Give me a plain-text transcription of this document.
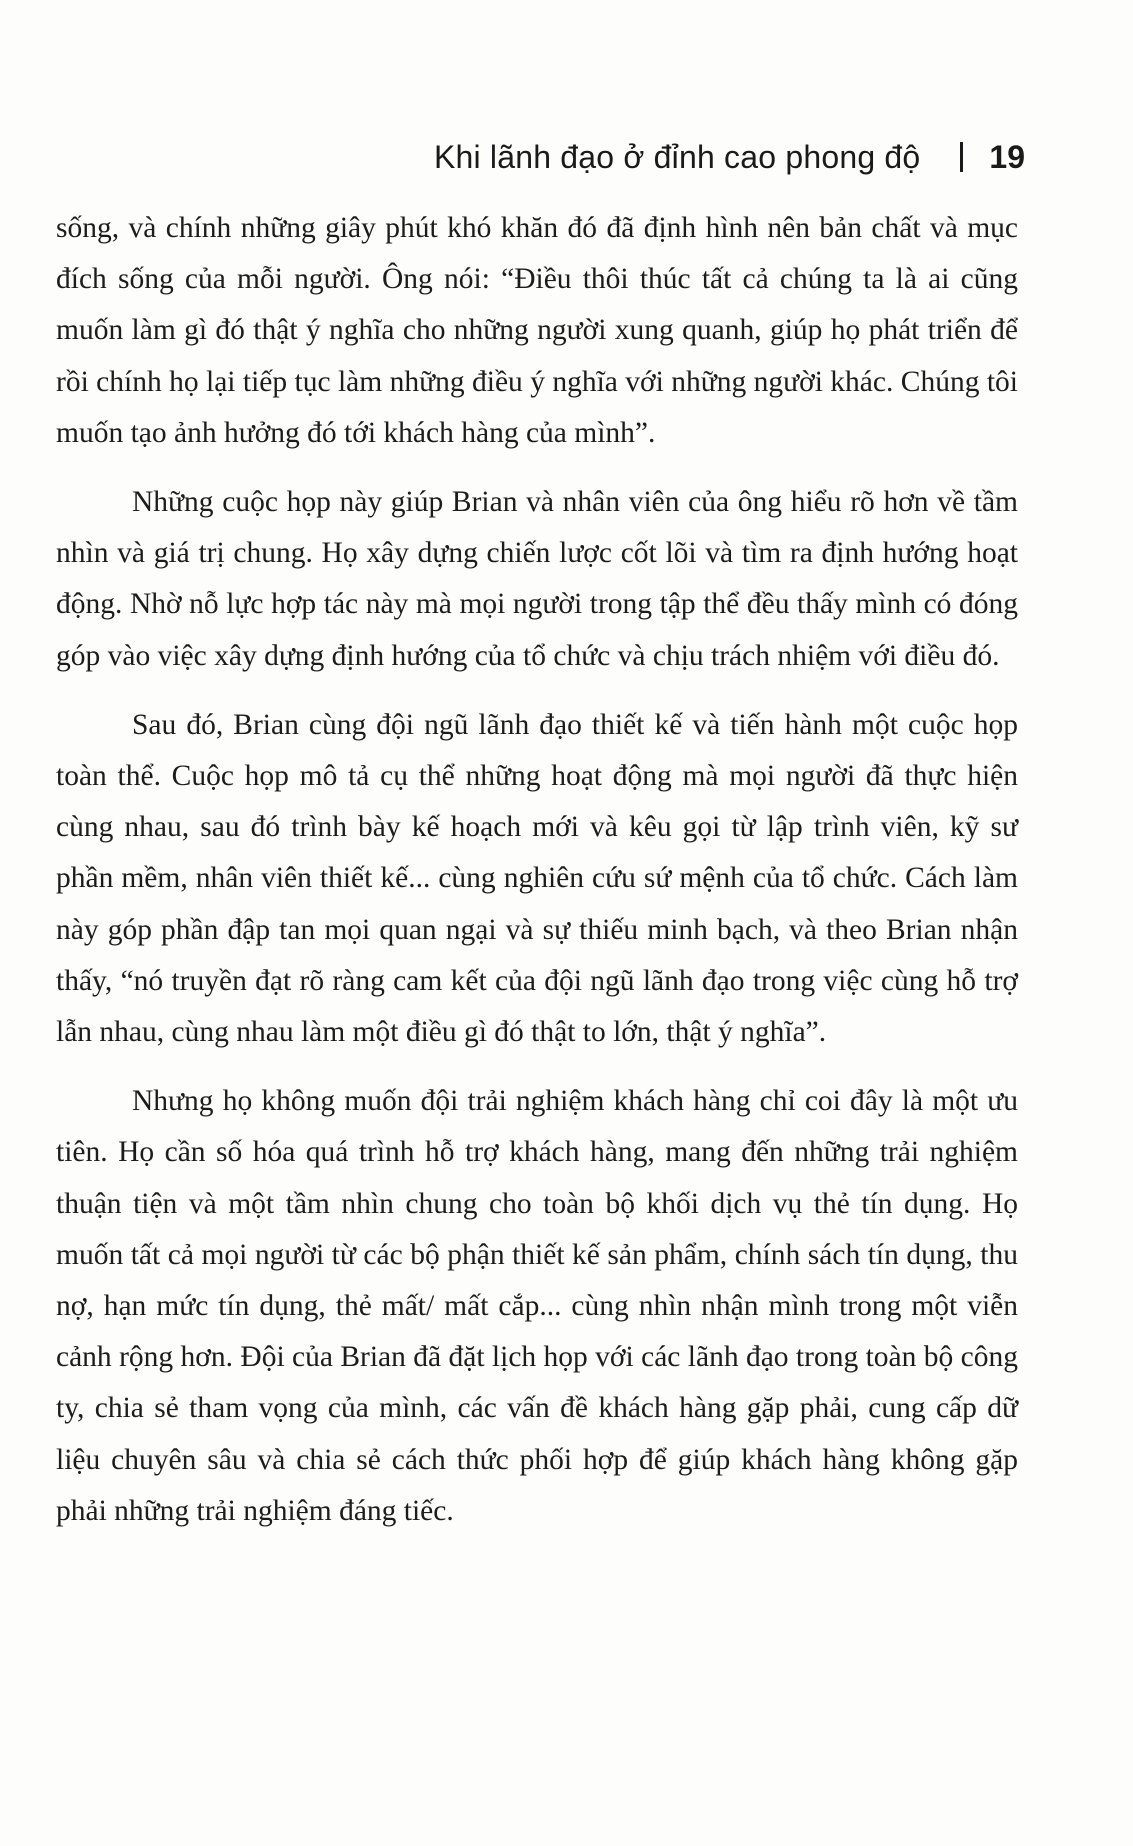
Khi lãnh đạo ở đỉnh cao phong độ 19

sống, và chính những giây phút khó khăn đó đã định hình nên bản chất và mục đích sống của mỗi người. Ông nói: “Điều thôi thúc tất cả chúng ta là ai cũng muốn làm gì đó thật ý nghĩa cho những người xung quanh, giúp họ phát triển để rồi chính họ lại tiếp tục làm những điều ý nghĩa với những người khác. Chúng tôi muốn tạo ảnh hưởng đó tới khách hàng của mình”.

Những cuộc họp này giúp Brian và nhân viên của ông hiểu rõ hơn về tầm nhìn và giá trị chung. Họ xây dựng chiến lược cốt lõi và tìm ra định hướng hoạt động. Nhờ nỗ lực hợp tác này mà mọi người trong tập thể đều thấy mình có đóng góp vào việc xây dựng định hướng của tổ chức và chịu trách nhiệm với điều đó.

Sau đó, Brian cùng đội ngũ lãnh đạo thiết kế và tiến hành một cuộc họp toàn thể. Cuộc họp mô tả cụ thể những hoạt động mà mọi người đã thực hiện cùng nhau, sau đó trình bày kế hoạch mới và kêu gọi từ lập trình viên, kỹ sư phần mềm, nhân viên thiết kế... cùng nghiên cứu sứ mệnh của tổ chức. Cách làm này góp phần đập tan mọi quan ngại và sự thiếu minh bạch, và theo Brian nhận thấy, “nó truyền đạt rõ ràng cam kết của đội ngũ lãnh đạo trong việc cùng hỗ trợ lẫn nhau, cùng nhau làm một điều gì đó thật to lớn, thật ý nghĩa”.

Nhưng họ không muốn đội trải nghiệm khách hàng chỉ coi đây là một ưu tiên. Họ cần số hóa quá trình hỗ trợ khách hàng, mang đến những trải nghiệm thuận tiện và một tầm nhìn chung cho toàn bộ khối dịch vụ thẻ tín dụng. Họ muốn tất cả mọi người từ các bộ phận thiết kế sản phẩm, chính sách tín dụng, thu nợ, hạn mức tín dụng, thẻ mất/ mất cắp... cùng nhìn nhận mình trong một viễn cảnh rộng hơn. Đội của Brian đã đặt lịch họp với các lãnh đạo trong toàn bộ công ty, chia sẻ tham vọng của mình, các vấn đề khách hàng gặp phải, cung cấp dữ liệu chuyên sâu và chia sẻ cách thức phối hợp để giúp khách hàng không gặp phải những trải nghiệm đáng tiếc.
